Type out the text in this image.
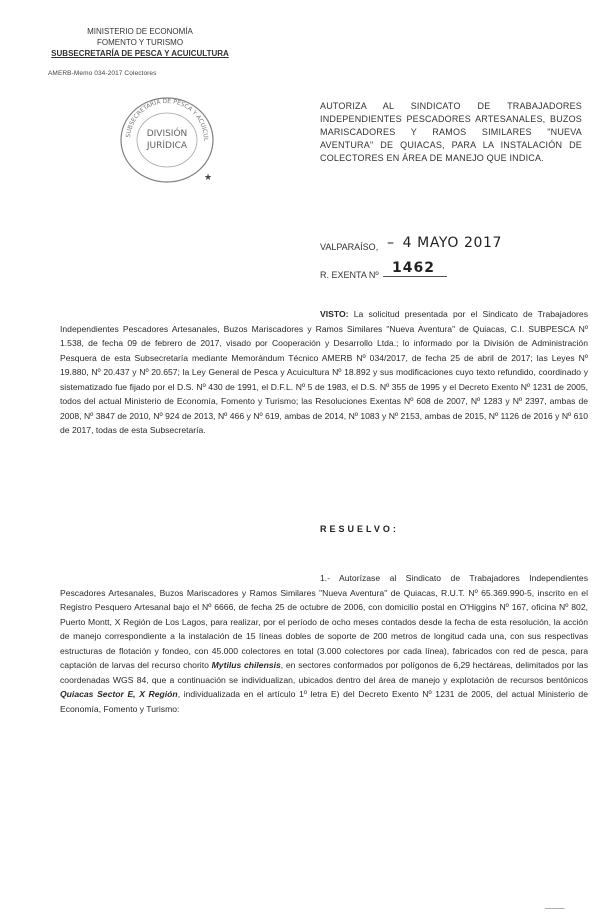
MINISTERIO DE ECONOMÍA
FOMENTO Y TURISMO
SUBSECRETARÍA DE PESCA Y ACUICULTURA
AMERB-Memo 034-2017 Colectores
SUBSECRETARÍA DE PESCA Y ACUICUL
DIVISIÓN
JURÍDICA
★
AUTORIZA AL SINDICATO DE TRABAJADORES INDEPENDIENTES PESCADORES ARTESANALES, BUZOS MARISCADORES Y RAMOS SIMILARES "NUEVA AVENTURA" DE QUIACAS, PARA LA INSTALACIÓN DE COLECTORES EN ÁREA DE MANEJO QUE INDICA.
VALPARAÍSO, – 4 MAYO 2017
R. EXENTA Nº 1462
VISTO: La solicitud presentada por el Sindicato de Trabajadores Independientes Pescadores Artesanales, Buzos Mariscadores y Ramos Similares "Nueva Aventura" de Quiacas, C.I. SUBPESCA Nº 1.538, de fecha 09 de febrero de 2017, visado por Cooperación y Desarrollo Ltda.; lo informado por la División de Administración Pesquera de esta Subsecretaría mediante Memorándum Técnico AMERB Nº 034/2017, de fecha 25 de abril de 2017; las Leyes Nº 19.880, Nº 20.437 y Nº 20.657; la Ley General de Pesca y Acuicultura Nº 18.892 y sus modificaciones cuyo texto refundido, coordinado y sistematizado fue fijado por el D.S. Nº 430 de 1991, el D.F.L. Nº 5 de 1983, el D.S. Nº 355 de 1995 y el Decreto Exento Nº 1231 de 2005, todos del actual Ministerio de Economía, Fomento y Turismo; las Resoluciones Exentas Nº 608 de 2007, Nº 1283 y Nº 2397, ambas de 2008, Nº 3847 de 2010, Nº 924 de 2013, Nº 466 y Nº 619, ambas de 2014, Nº 1083 y Nº 2153, ambas de 2015, Nº 1126 de 2016 y Nº 610 de 2017, todas de esta Subsecretaría.
RESUELVO:
1.- Autorízase al Sindicato de Trabajadores Independientes Pescadores Artesanales, Buzos Mariscadores y Ramos Similares "Nueva Aventura" de Quiacas, R.U.T. Nº 65.369.990-5, inscrito en el Registro Pesquero Artesanal bajo el Nº 6666, de fecha 25 de octubre de 2006, con domicilio postal en O'Higgins Nº 167, oficina Nº 802, Puerto Montt, X Región de Los Lagos, para realizar, por el período de ocho meses contados desde la fecha de esta resolución, la acción de manejo correspondiente a la instalación de 15 líneas dobles de soporte de 200 metros de longitud cada una, con sus respectivas estructuras de flotación y fondeo, con 45.000 colectores en total (3.000 colectores por cada línea), fabricados con red de pesca, para captación de larvas del recurso chorito Mytilus chilensis, en sectores conformados por polígonos de 6,29 hectáreas, delimitados por las coordenadas WGS 84, que a continuación se individualizan, ubicados dentro del área de manejo y explotación de recursos bentónicos Quiacas Sector E, X Región, individualizada en el artículo 1º letra E) del Decreto Exento Nº 1231 de 2005, del actual Ministerio de Economía, Fomento y Turismo:
_____
